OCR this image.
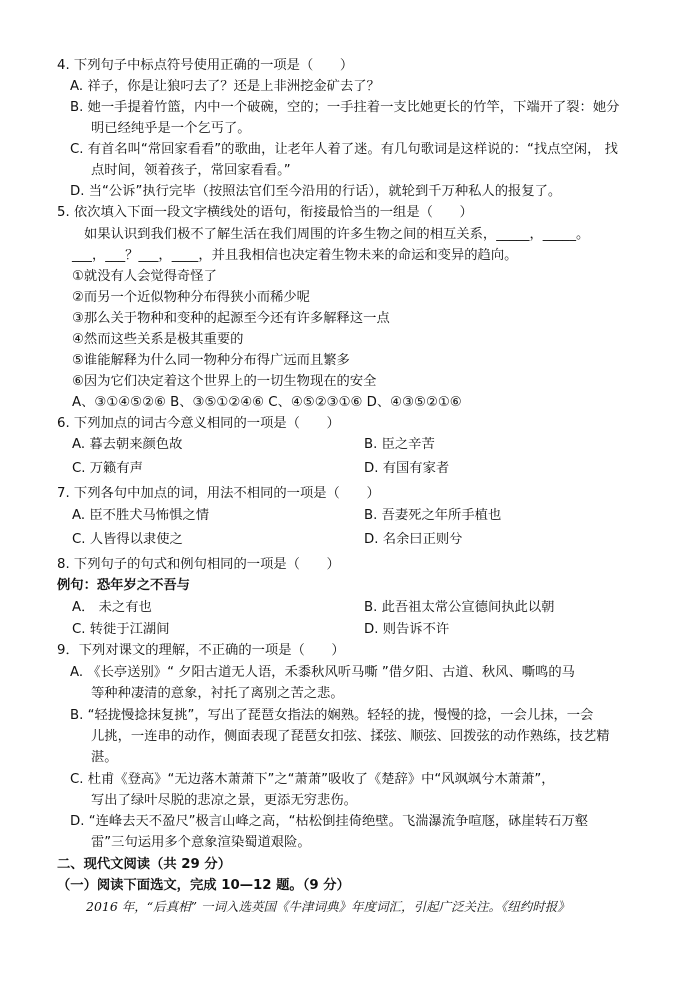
4. 下列句子中标点符号使用正确的一项是（　　）
A. 祥子，你是让狼叼去了？还是上非洲挖金矿去了？
B. 她一手提着竹篮，内中一个破碗，空的；一手拄着一支比她更长的竹竿，下端开了裂：她分
明已经纯乎是一个乞丐了。
C. 有首名叫“常回家看看”的歌曲，让老年人着了迷。有几句歌词是这样说的：“找点空闲， 找
点时间，领着孩子，常回家看看。”
D. 当“公诉”执行完毕（按照法官们至今沿用的行话），就轮到千万种私人的报复了。
5. 依次填入下面一段文字横线处的语句，衔接最恰当的一组是（　　）
如果认识到我们极不了解生活在我们周围的许多生物之间的相互关系，_____，_____。
___，___？___，____，并且我相信也决定着生物未来的命运和变异的趋向。
①就没有人会觉得奇怪了
②而另一个近似物种分布得狭小而稀少呢
③那么关于物种和变种的起源至今还有许多解释这一点
④然而这些关系是极其重要的
⑤谁能解释为什么同一物种分布得广远而且繁多
⑥因为它们决定着这个世界上的一切生物现在的安全
A、③①④⑤②⑥ B、③⑤①②④⑥ C、④⑤②③①⑥ D、④③⑤②①⑥
6. 下列加点的词古今意义相同的一项是（　　）
A. 暮去朝来颜色故	B. 臣之辛苦
C. 万籁有声	D. 有国有家者
7. 下列各句中加点的词，用法不相同的一项是（　　）
A. 臣不胜犬马怖惧之情	B. 吾妻死之年所手植也
C. 人皆得以隶使之	D. 名余曰正则兮
8. 下列句子的句式和例句相同的一项是（　　）
例句：恐年岁之不吾与
A． 未之有也	B. 此吾祖太常公宣德间执此以朝
C. 转徙于江湖间	D. 则告诉不许
9．下列对课文的理解，不正确的一项是（　　）
A. 《长亭送别》“ 夕阳古道无人语，禾黍秋风听马嘶 ”借夕阳、古道、秋风、嘶鸣的马
等种种凄清的意象，衬托了离别之苦之悲。
B. “轻拢慢捻抹复挑”，写出了琵琶女指法的娴熟。轻轻的拢，慢慢的捻，一会儿抹，一会
儿挑，一连串的动作，侧面表现了琵琶女扣弦、揉弦、顺弦、回拨弦的动作熟练，技艺精
湛。
C. 杜甫《登高》“无边落木萧萧下”之“萧萧”吸收了《楚辞》中“风飒飒兮木萧萧”，
写出了绿叶尽脱的悲凉之景，更添无穷悲伤。
D. “连峰去天不盈尺”极言山峰之高，“枯松倒挂倚绝壁。飞湍瀑流争喧豗，砯崖转石万壑
雷”三句运用多个意象渲染蜀道艰险。
二、现代文阅读（共 29 分）
（一）阅读下面选文，完成 10—12 题。（9 分）
2016 年，“后真相” 一词入选英国《牛津词典》年度词汇，引起广泛关注。《纽约时报》
